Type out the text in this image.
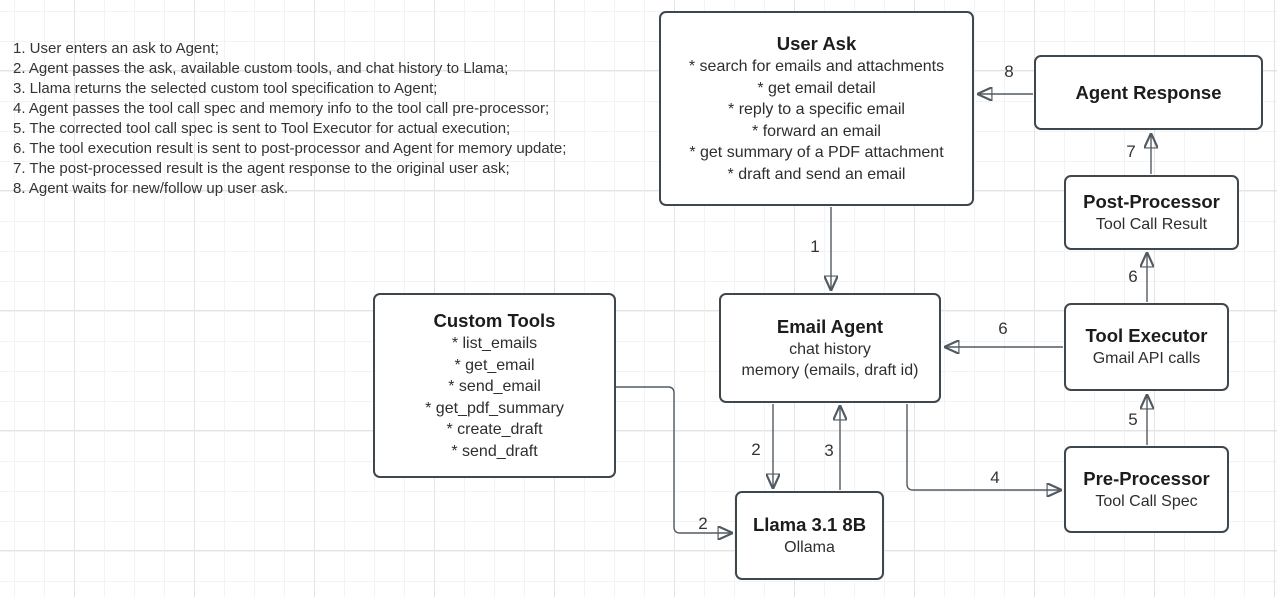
1. User enters an ask to Agent;
2. Agent passes the ask, available custom tools, and chat history to Llama;
3. Llama returns the selected custom tool specification to Agent;
4. Agent passes the tool call spec and memory info to the tool call pre-processor;
5. The corrected tool call spec is sent to Tool Executor for actual execution;
6. The tool execution result is sent to post-processor and Agent for memory update;
7. The post-processed result is the agent response to the original user ask;
8. Agent waits for new/follow up user ask.
User Ask
* search for emails and attachments
* get email detail
* reply to a specific email
* forward an email
* get summary of a PDF attachment
* draft and send an email
Agent Response
Post-Processor
Tool Call Result
Tool Executor
Gmail API calls
Pre-Processor
Tool Call Spec
Email Agent
chat history
memory (emails, draft id)
Custom Tools
* list_emails
* get_email
* send_email
* get_pdf_summary
* create_draft
* send_draft
Llama 3.1 8B
Ollama
1
2	3
2
4
5
6
6
7
8
